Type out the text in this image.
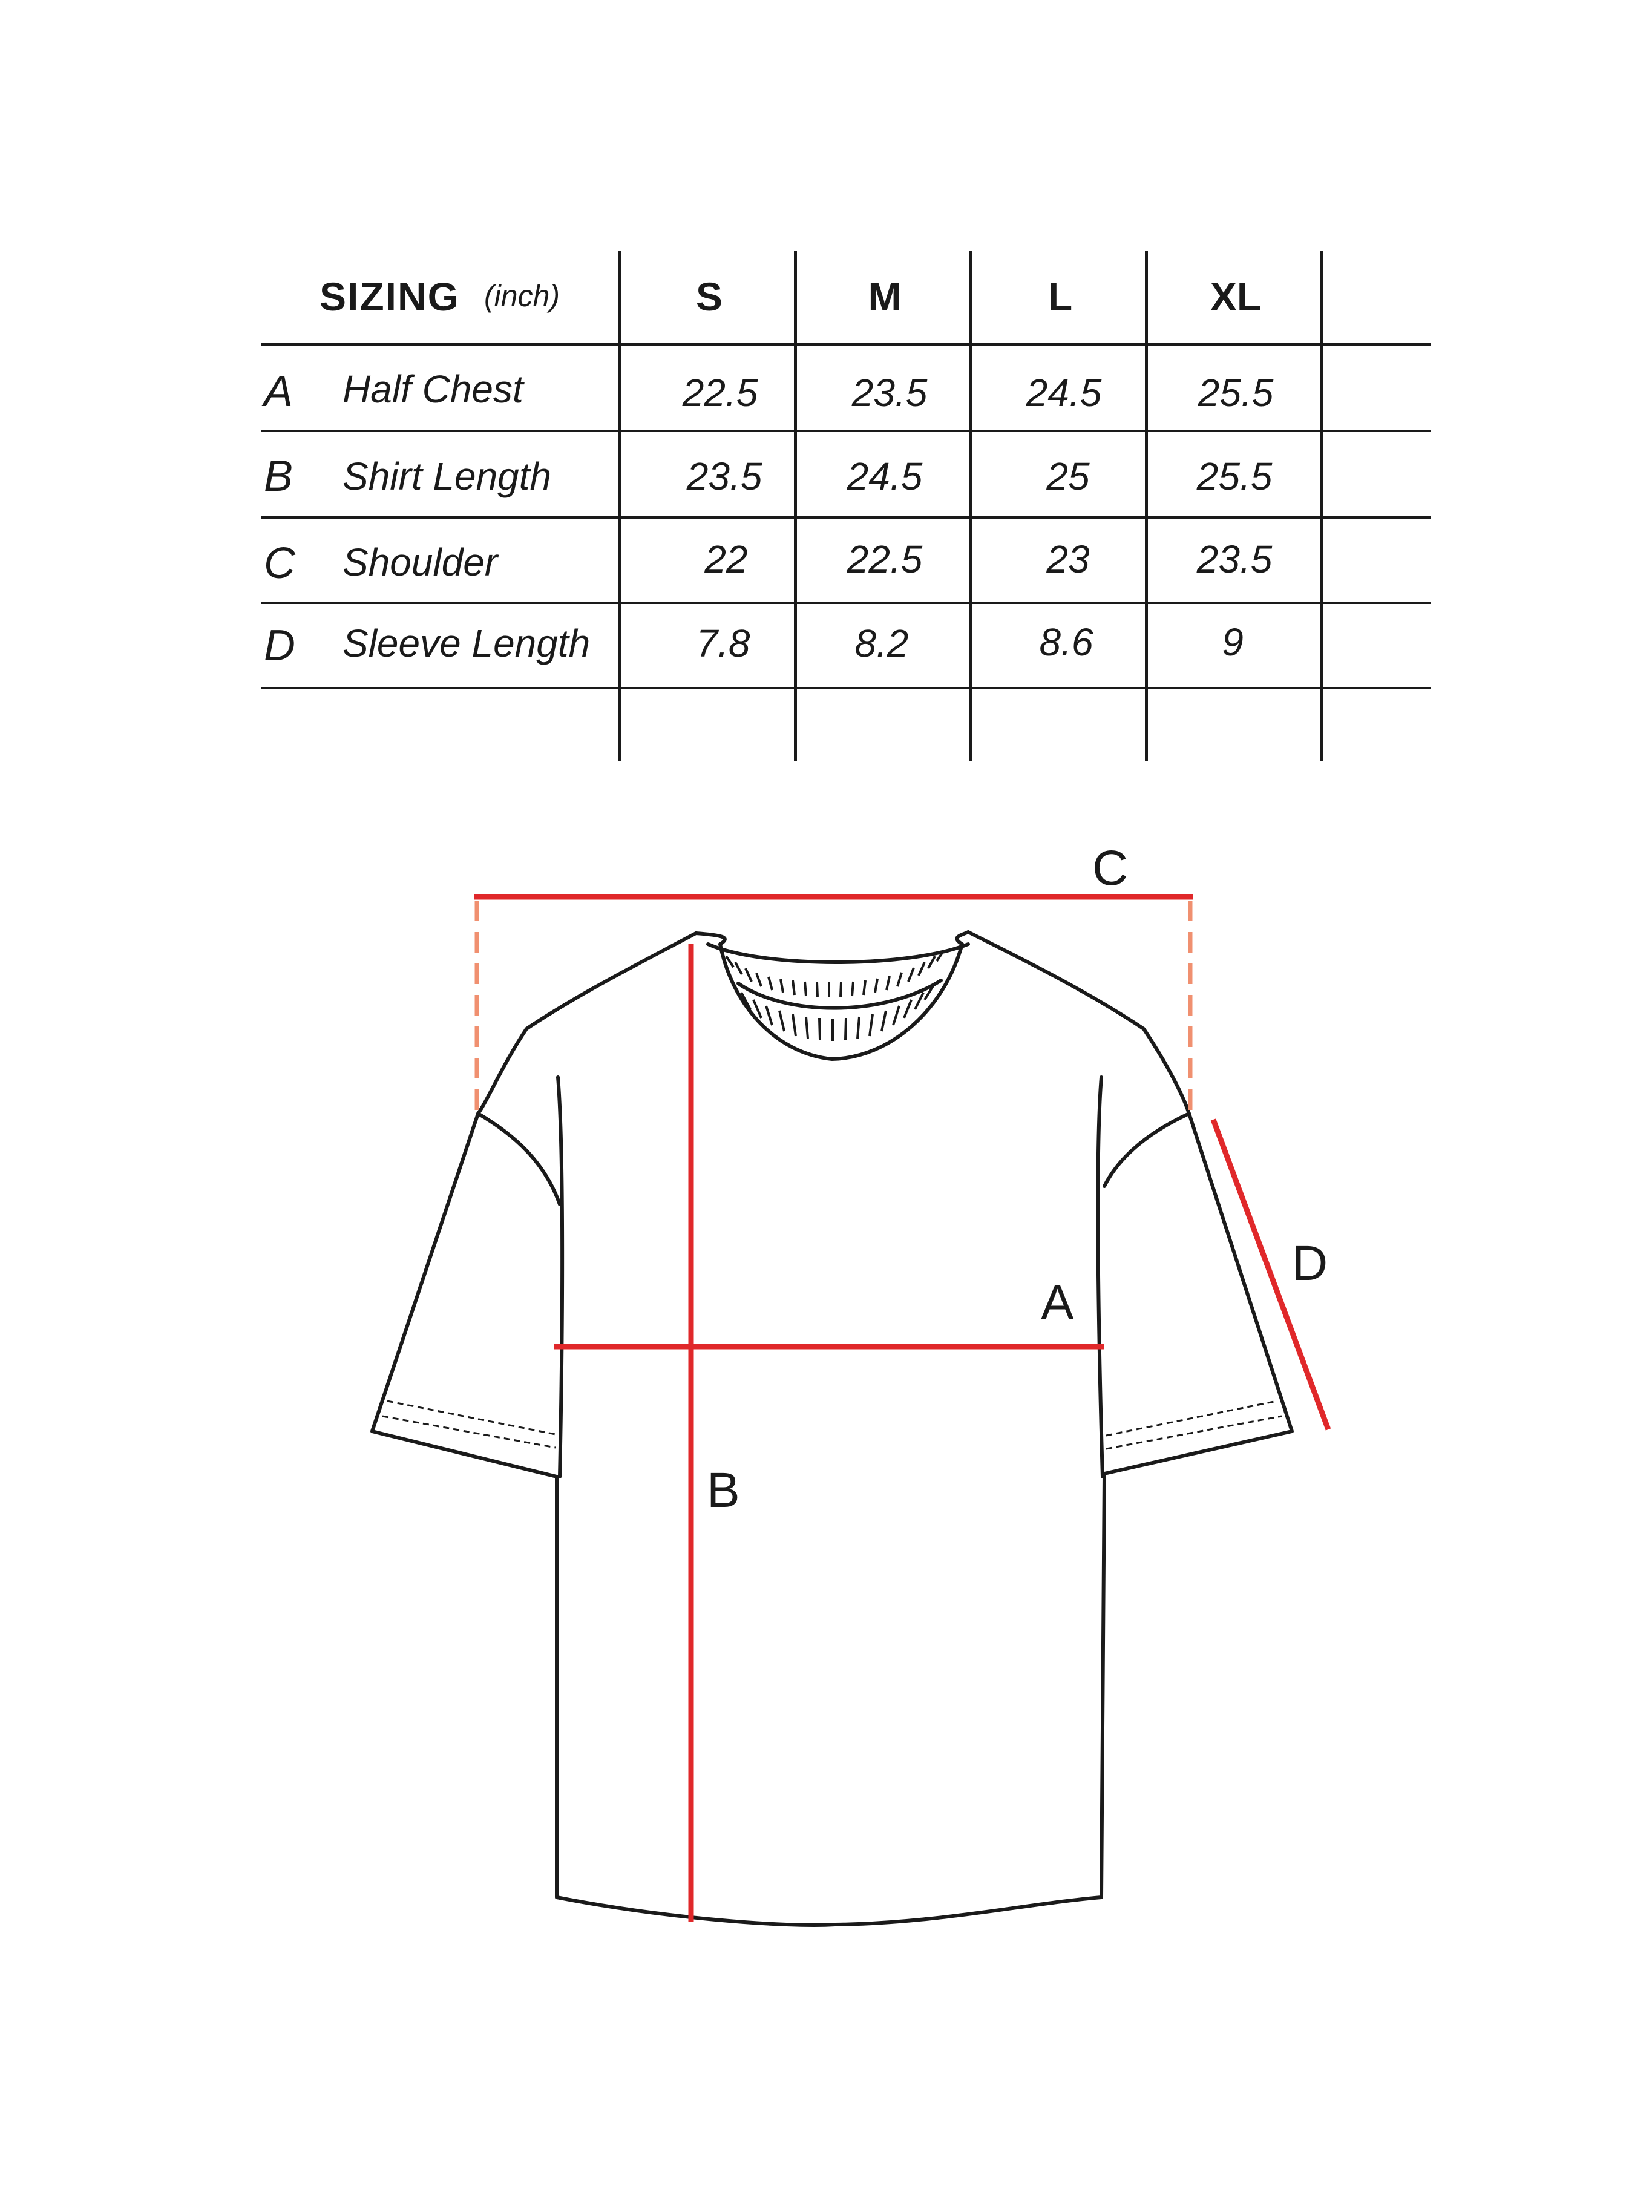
SIZING (inch)	S	M	L	XL
A Half Chest	22.5	23.5	24.5	25.5
B Shirt Length	23.5	24.5	25	25.5
C Shoulder	22	22.5	23	23.5
D Sleeve Length	7.8	8.2	8.6	9
C
A
B
D
